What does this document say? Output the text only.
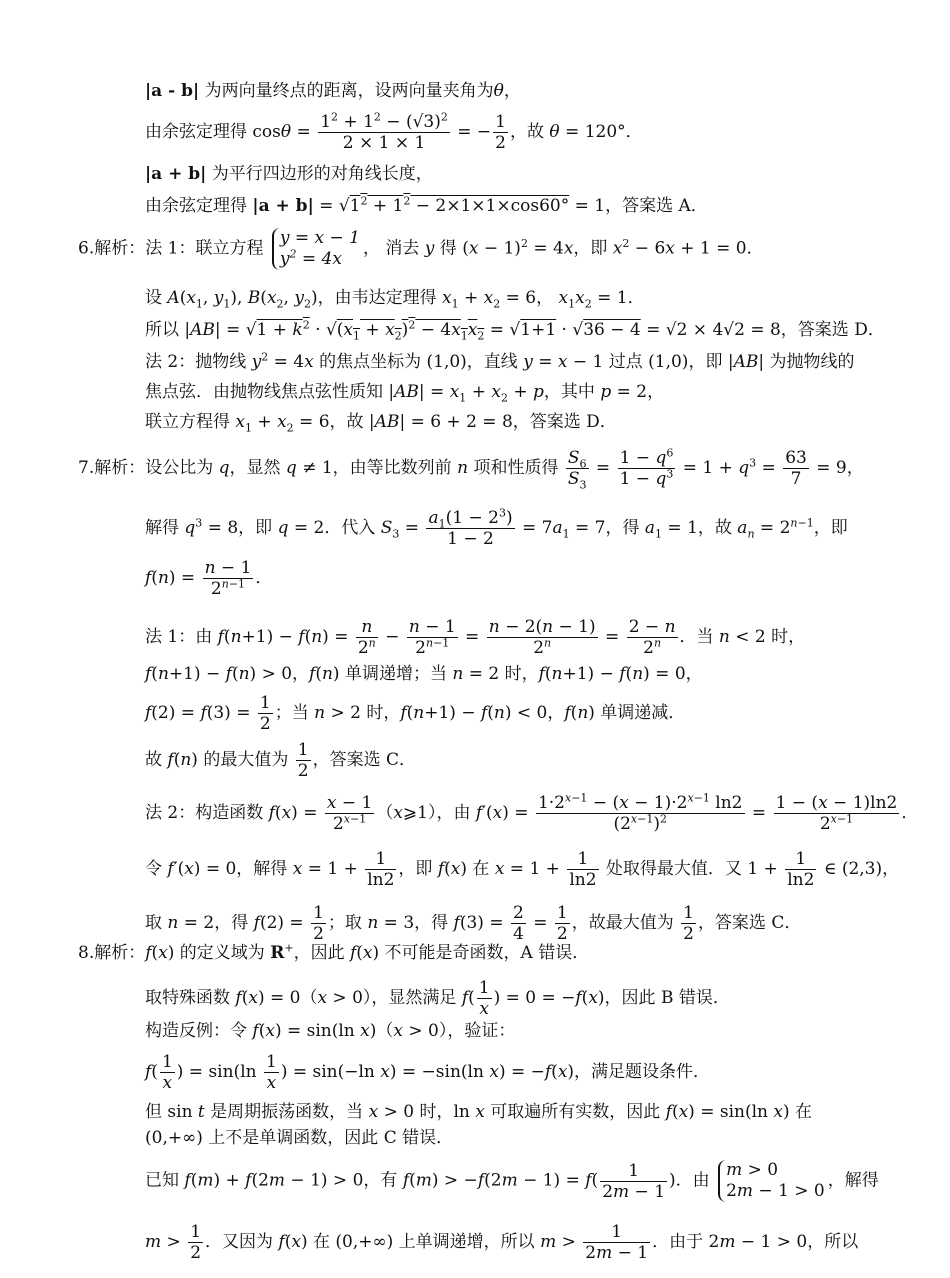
|a - b| 为两向量终点的距离，设两向量夹角为θ，
由余弦定理得 $\cos\theta = \frac{1^2 + 1^2 - (√3)^2}{2 \times 1 \times 1}$ = − $\frac{1}{2}$ ，故 θ = 120°．
|a + b| 为平行四边形的对角线长度，
由余弦定理得 $|a + b| = √1^2 + 1^2 - 2\times 1\times 1\times\cos 60^\circ = 1$，答案选 A．
6.解析：法 1：联立方程
y = x − 1
$y^2 = 4x$
， 消去 y 得 $(x - 1)^2 = 4x$，即 $x^2 - 6x + 1 = 0$．
设 $A(x_1$, $y_1$), $B(x_2$, $y_2$)，由韦达定理得 $x_1 + x_2 = 6$， $x_1x_2 = 1$．
所以 $|AB| = √1 + k^2 \cdot √(x_1 + x_2)^2 - 4x_1x_2 = √1+1 \cdot √36 - 4 = √2 \times 4√2 = 8$，答案选 D．
法 2：抛物线 $y^2 = 4x$ 的焦点坐标为 (1,0)，直线 y = x − 1 过点 (1,0)，即 |AB| 为抛物线的
焦点弦．由抛物线焦点弦性质知 $|AB| = x_1 + x_2 + p$，其中 p = 2，
联立方程得 $x_1 + x_2 = 6$，故 |AB| = 6 + 2 = 8，答案选 D．
7.解析：设公比为 q，显然 q ≠ 1，由等比数列前 n 项和性质得 $\frac{S_6}{S_3} = \frac{1 - q^6}{1 - q^3} = 1 + q^3 = \frac{63}{7} = 9$，
解得 $q^3 = 8$，即 q = 2．代入 $S_3 = \frac{a_1(1 - 2^3)}{1 - 2} = 7a_1 = 7$，得 $a_1 = 1$，故 $a_n = 2^{n-1}$，即
$f(n) = \frac{n - 1}{2^{n-1}}$ ．
法 1：由 $f(n+1) - f(n) = \frac{n}{2^n} - \frac{n - 1}{2^{n-1}} = \frac{n - 2(n - 1)}{2^n} = \frac{2 - n}{2^n}$ ．当 n < 2 时，
f(n+1) − f(n) > 0，f(n) 单调递增；当 n = 2 时，f(n+1) − f(n) = 0，
$f(2) = f(3) = \frac{1}{2}$ ；当 n > 2 时，f(n+1) − f(n) < 0，f(n) 单调递减．
故 f(n) 的最大值为 $\frac{1}{2}$ ，答案选 C．
法 2：构造函数 $f(x) = \frac{x - 1}{2^{x-1}}$ （x⩾1），由 $f'(x) = \frac{1\cdot 2^{x-1} - (x - 1)\cdot 2^{x-1} \ln 2}{(2^{x-1})^2} = \frac{1 - (x - 1)\ln 2}{2^{x-1}}$ ．
令 f′(x) = 0，解得 $x = 1 + \frac{1}{\ln 2}$ ，即 f(x) 在 $x = 1 + \frac{1}{\ln 2}$ 处取得最大值．又 $1 + \frac{1}{\ln 2}$ ∈ (2,3)，
取 n = 2，得 $f(2) = \frac{1}{2}$ ；取 n = 3，得 $f(3) = \frac{2}{4} = \frac{1}{2}$ ，故最大值为 $\frac{1}{2}$ ，答案选 C．
8.解析：f(x) 的定义域为 R+，因此 f(x) 不可能是奇函数，A 错误．
取特殊函数 f(x) = 0（x > 0），显然满足 $f( \frac{1}{x}$ ) = 0 = −f(x)，因此 B 错误．
构造反例：令 f(x) = sin(ln x)（x > 0），验证：
$f( \frac{1}{x}$ ) = $\sin(\ln \frac{1}{x}$ ) = sin(−ln x) = −sin(ln x) = −f(x)，满足题设条件．
但 sin t 是周期振荡函数，当 x > 0 时，ln x 可取遍所有实数，因此 f(x) = sin(ln x) 在
(0,+∞) 上不是单调函数，因此 C 错误．
已知 f(m) + f(2m − 1) > 0，有 $f(m) > -f(2m - 1) = f( \frac{1}{2m - 1}$ )．由
m > 0
2m − 1 > 0
，解得
$m > \frac{1}{2}$ ．又因为 f(x) 在 (0,+∞) 上单调递增，所以 $m > \frac{1}{2m - 1}$ ．由于 2m − 1 > 0，所以
